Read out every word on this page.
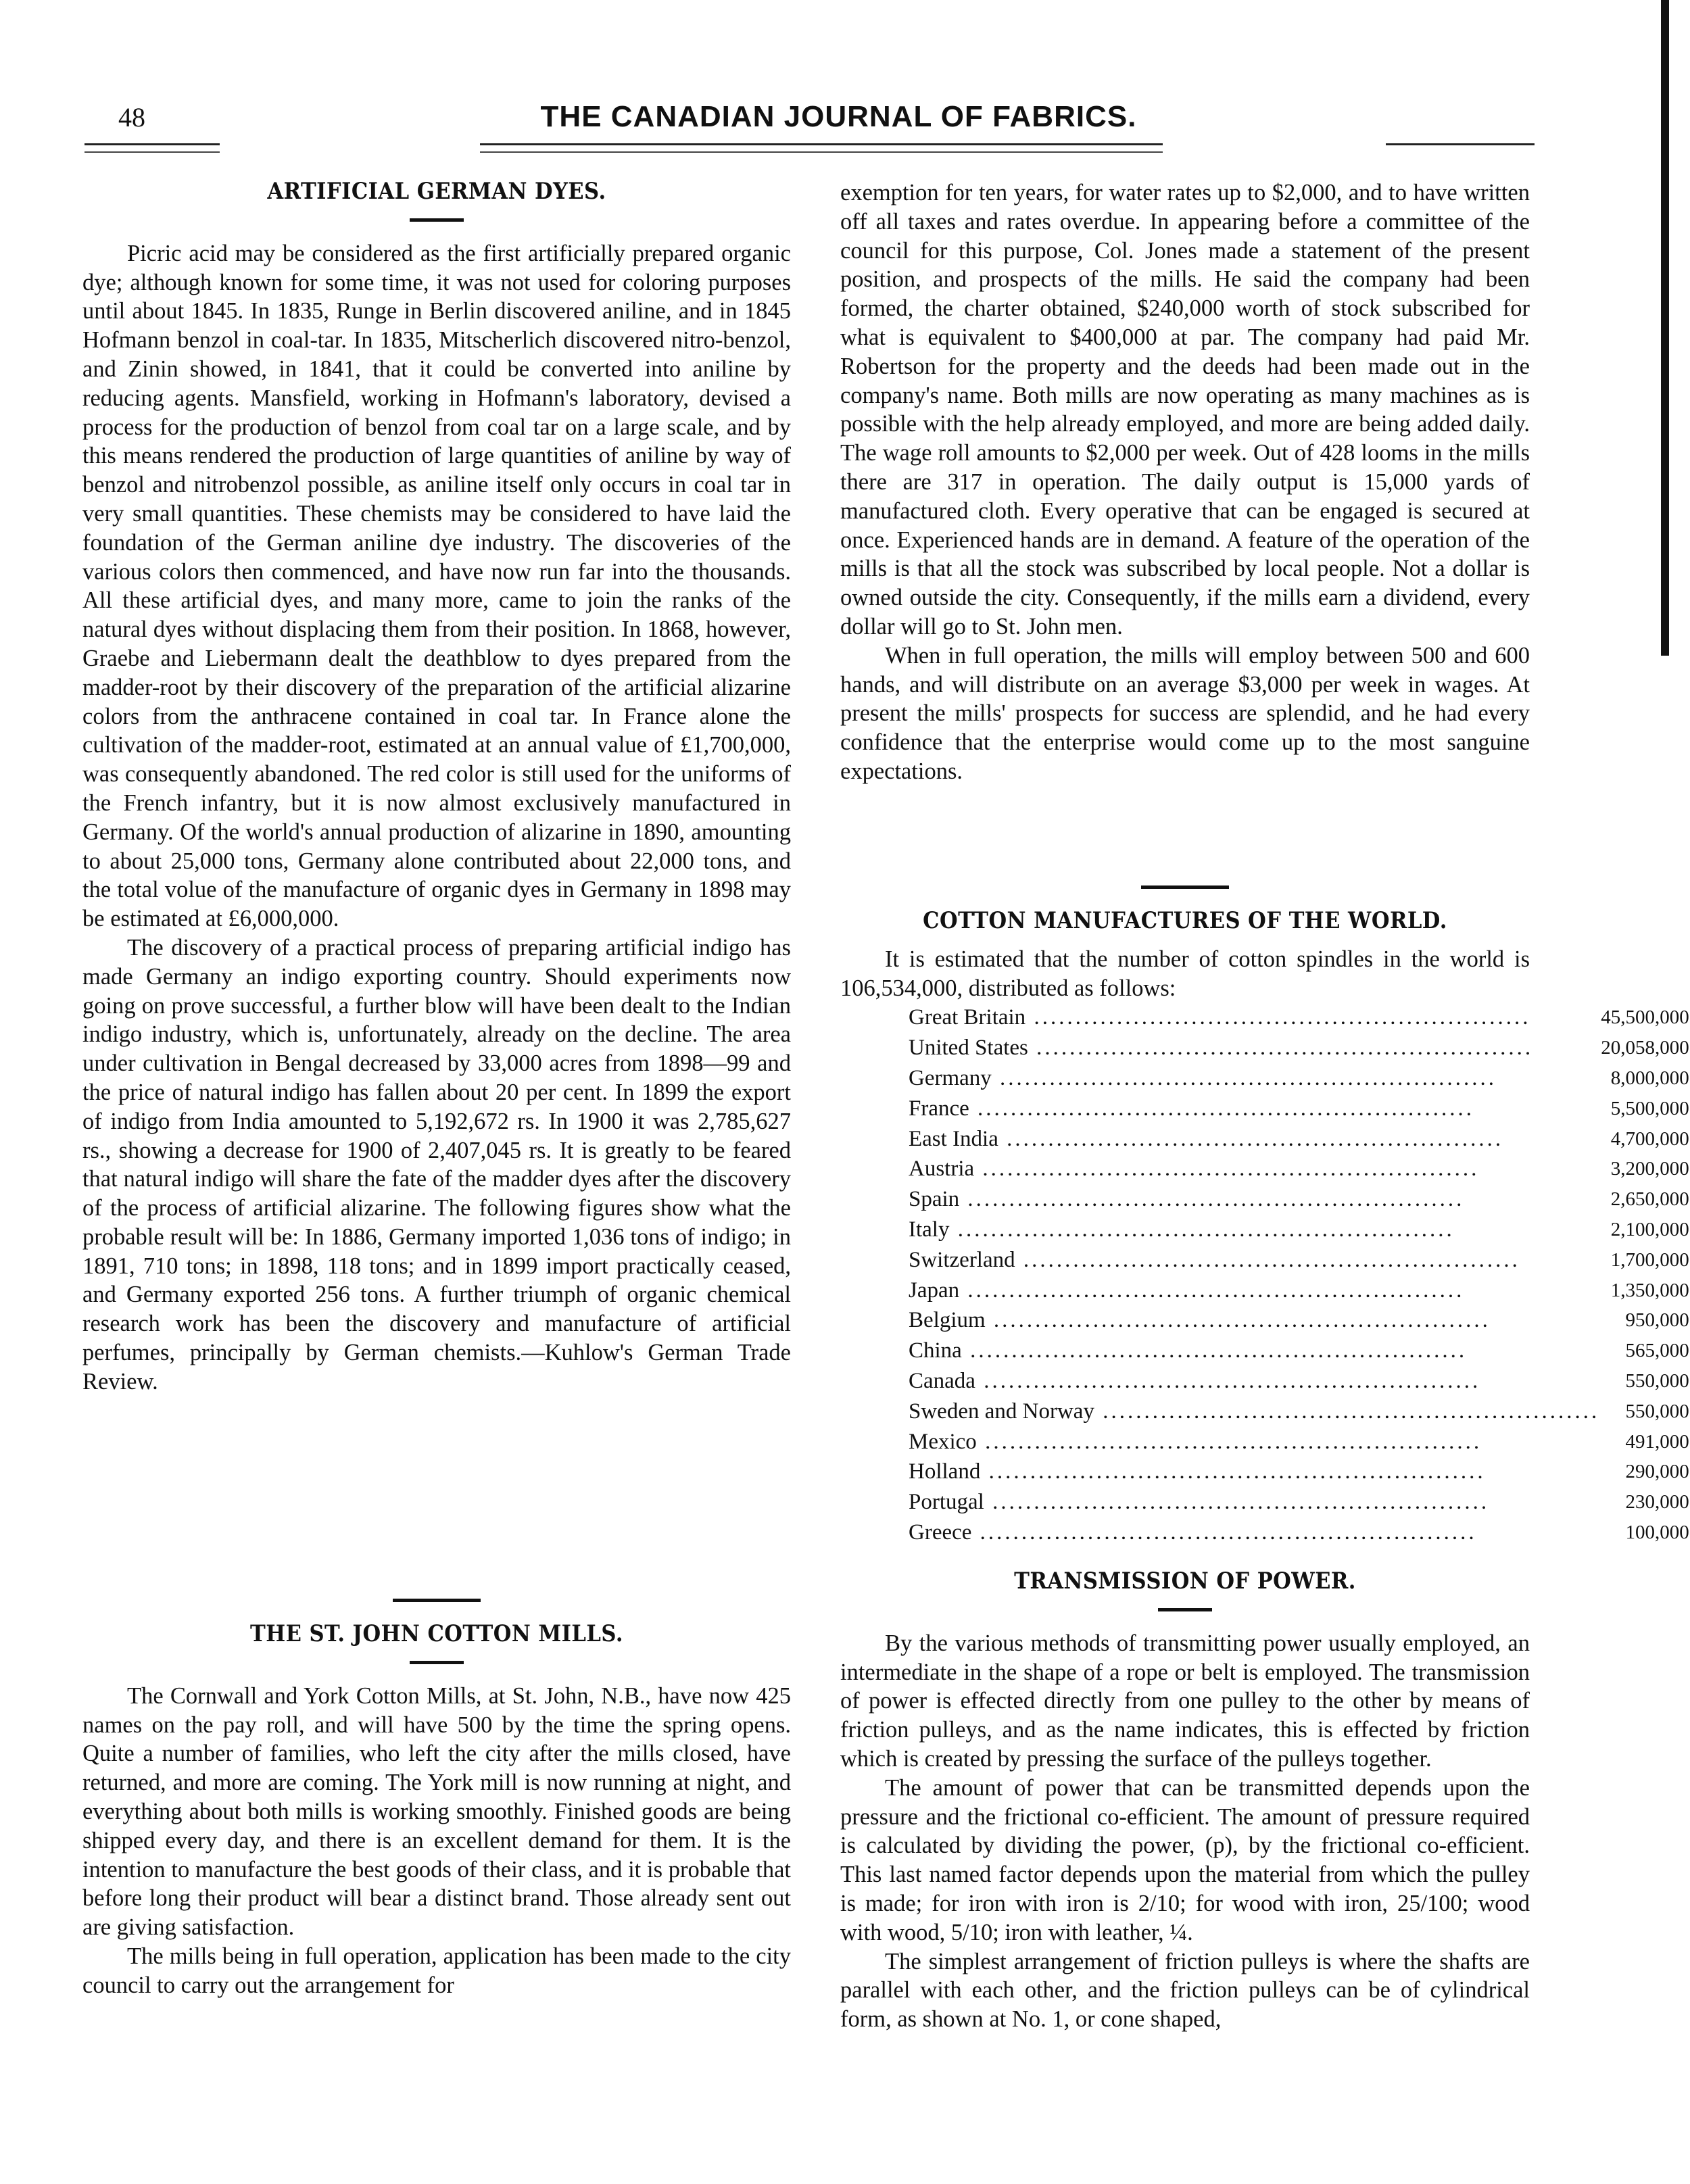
48	THE CANADIAN JOURNAL OF FABRICS.
ARTIFICIAL GERMAN DYES.

Picric acid may be considered as the first artificially prepared organic dye; although known for some time, it was not used for coloring purposes until about 1845. In 1835, Runge in Berlin discovered aniline, and in 1845 Hofmann benzol in coal-tar. In 1835, Mitscherlich discovered nitro-benzol, and Zinin showed, in 1841, that it could be converted into aniline by reducing agents. Mansfield, working in Hofmann's laboratory, devised a process for the production of benzol from coal tar on a large scale, and by this means rendered the production of large quantities of aniline by way of benzol and nitrobenzol possible, as aniline itself only occurs in coal tar in very small quantities. These chemists may be considered to have laid the foundation of the German aniline dye industry. The discoveries of the various colors then commenced, and have now run far into the thousands. All these artificial dyes, and many more, came to join the ranks of the natural dyes without displacing them from their position. In 1868, however, Graebe and Liebermann dealt the deathblow to dyes prepared from the madder-root by their discovery of the preparation of the artificial alizarine colors from the anthracene contained in coal tar. In France alone the cultivation of the madder-root, estimated at an annual value of £1,700,000, was consequently abandoned. The red color is still used for the uniforms of the French infantry, but it is now almost exclusively manufactured in Germany. Of the world's annual production of alizarine in 1890, amounting to about 25,000 tons, Germany alone contributed about 22,000 tons, and the total volue of the manufacture of organic dyes in Germany in 1898 may be estimated at £6,000,000.

The discovery of a practical process of preparing artificial indigo has made Germany an indigo exporting country. Should experiments now going on prove successful, a further blow will have been dealt to the Indian indigo industry, which is, unfortunately, already on the decline. The area under cultivation in Bengal decreased by 33,000 acres from 1898—99 and the price of natural indigo has fallen about 20 per cent. In 1899 the export of indigo from India amounted to 5,192,672 rs. In 1900 it was 2,785,627 rs., showing a decrease for 1900 of 2,407,045 rs. It is greatly to be feared that natural indigo will share the fate of the madder dyes after the discovery of the process of artificial alizarine. The following figures show what the probable result will be: In 1886, Germany imported 1,036 tons of indigo; in 1891, 710 tons; in 1898, 118 tons; and in 1899 import practically ceased, and Germany exported 256 tons. A further triumph of organic chemical research work has been the discovery and manufacture of artificial perfumes, principally by German chemists.—Kuhlow's German Trade Review.

THE ST. JOHN COTTON MILLS.

The Cornwall and York Cotton Mills, at St. John, N.B., have now 425 names on the pay roll, and will have 500 by the time the spring opens. Quite a number of families, who left the city after the mills closed, have returned, and more are coming. The York mill is now running at night, and everything about both mills is working smoothly. Finished goods are being shipped every day, and there is an excellent demand for them. It is the intention to manufacture the best goods of their class, and it is probable that before long their product will bear a distinct brand. Those already sent out are giving satisfaction.

The mills being in full operation, application has been made to the city council to carry out the arrangement for

exemption for ten years, for water rates up to $2,000, and to have written off all taxes and rates overdue. In appearing before a committee of the council for this purpose, Col. Jones made a statement of the present position, and prospects of the mills. He said the company had been formed, the charter obtained, $240,000 worth of stock subscribed for what is equivalent to $400,000 at par. The company had paid Mr. Robertson for the property and the deeds had been made out in the company's name. Both mills are now operating as many machines as is possible with the help already employed, and more are being added daily. The wage roll amounts to $2,000 per week. Out of 428 looms in the mills there are 317 in operation. The daily output is 15,000 yards of manufactured cloth. Every operative that can be engaged is secured at once. Experienced hands are in demand. A feature of the operation of the mills is that all the stock was subscribed by local people. Not a dollar is owned outside the city. Consequently, if the mills earn a dividend, every dollar will go to St. John men.

When in full operation, the mills will employ between 500 and 600 hands, and will distribute on an average $3,000 per week in wages. At present the mills' prospects for success are splendid, and he had every confidence that the enterprise would come up to the most sanguine expectations.

COTTON MANUFACTURES OF THE WORLD.

It is estimated that the number of cotton spindles in the world is 106,534,000, distributed as follows:

Great Britain ............................................................	45,500,000
United States ............................................................	20,058,000
Germany ............................................................	8,000,000
France ............................................................	5,500,000
East India ............................................................	4,700,000
Austria ............................................................	3,200,000
Spain ............................................................	2,650,000
Italy ............................................................	2,100,000
Switzerland ............................................................	1,700,000
Japan ............................................................	1,350,000
Belgium ............................................................	950,000
China ............................................................	565,000
Canada ............................................................	550,000
Sweden and Norway ............................................................	550,000
Mexico ............................................................	491,000
Holland ............................................................	290,000
Portugal ............................................................	230,000
Greece ............................................................	100,000
TRANSMISSION OF POWER.

By the various methods of transmitting power usually employed, an intermediate in the shape of a rope or belt is employed. The transmission of power is effected directly from one pulley to the other by means of friction pulleys, and as the name indicates, this is effected by friction which is created by pressing the surface of the pulleys together.

The amount of power that can be transmitted depends upon the pressure and the frictional co-efficient. The amount of pressure required is calculated by dividing the power, (p), by the frictional co-efficient. This last named factor depends upon the material from which the pulley is made; for iron with iron is 2/10; for wood with iron, 25/100; wood with wood, 5/10; iron with leather, ¼.

The simplest arrangement of friction pulleys is where the shafts are parallel with each other, and the friction pulleys can be of cylindrical form, as shown at No. 1, or cone shaped,
